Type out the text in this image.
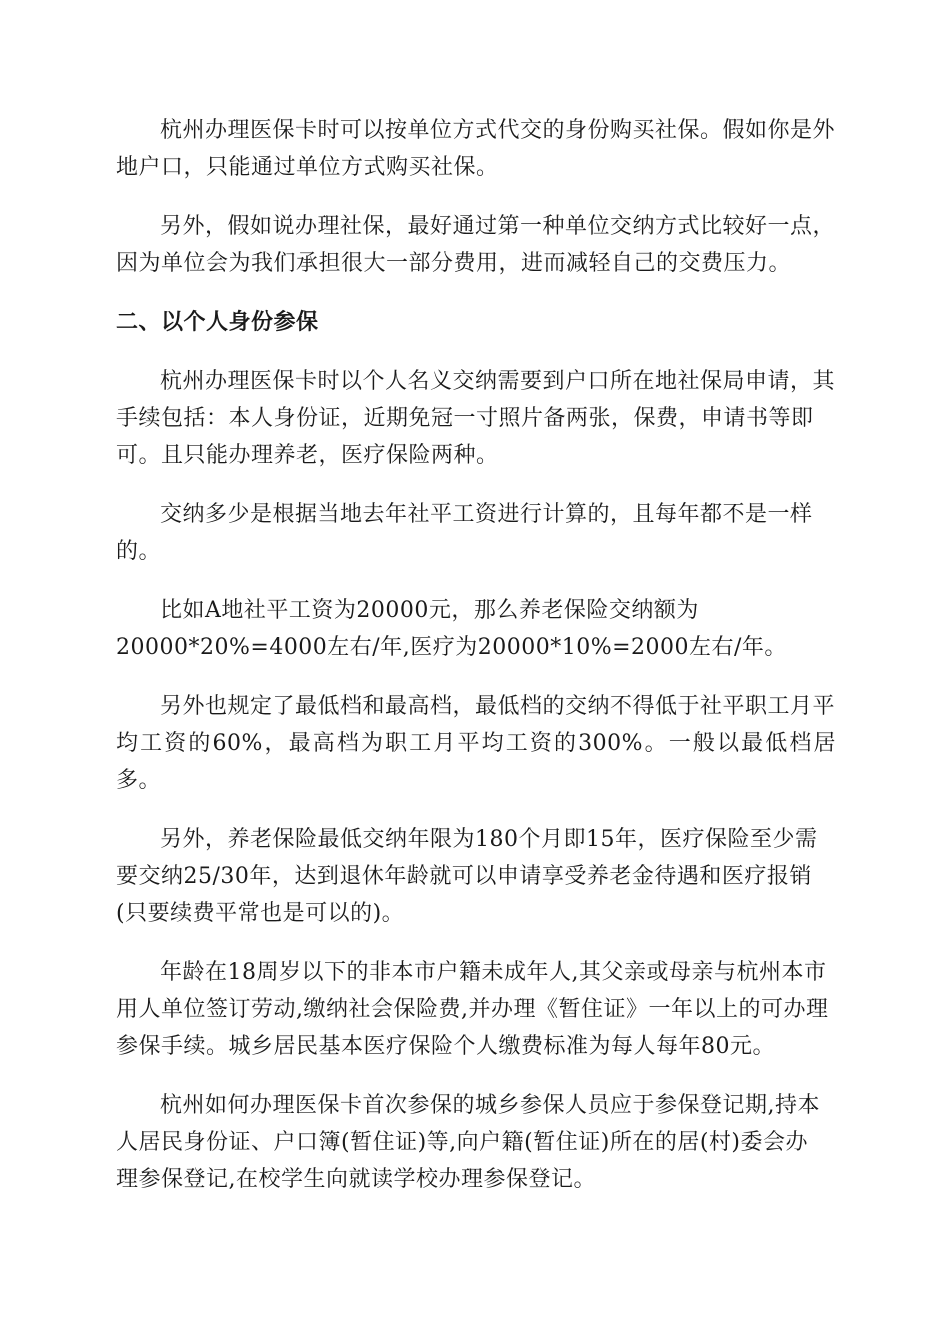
杭州办理医保卡时可以按单位方式代交的身份购买社保。假如你是外
地户口，只能通过单位方式购买社保。

另外，假如说办理社保，最好通过第一种单位交纳方式比较好一点，
因为单位会为我们承担很大一部分费用，进而减轻自己的交费压力。

二、以个人身份参保

杭州办理医保卡时以个人名义交纳需要到户口所在地社保局申请，其
手续包括：本人身份证，近期免冠一寸照片备两张，保费，申请书等即
可。且只能办理养老，医疗保险两种。

交纳多少是根据当地去年社平工资进行计算的，且每年都不是一样
的。

比如A地社平工资为20000元，那么养老保险交纳额为
20000*20%=4000左右/年,医疗为20000*10%=2000左右/年。

另外也规定了最低档和最高档，最低档的交纳不得低于社平职工月平
均工资的60%，最高档为职工月平均工资的300%。一般以最低档居多。

另外，养老保险最低交纳年限为180个月即15年，医疗保险至少需
要交纳25/30年，达到退休年龄就可以申请享受养老金待遇和医疗报销
(只要续费平常也是可以的)。

年龄在18周岁以下的非本市户籍未成年人,其父亲或母亲与杭州本市
用人单位签订劳动,缴纳社会保险费,并办理《暂住证》一年以上的可办理
参保手续。城乡居民基本医疗保险个人缴费标准为每人每年80元。

杭州如何办理医保卡首次参保的城乡参保人员应于参保登记期,持本
人居民身份证、户口簿(暂住证)等,向户籍(暂住证)所在的居(村)委会办
理参保登记,在校学生向就读学校办理参保登记。
